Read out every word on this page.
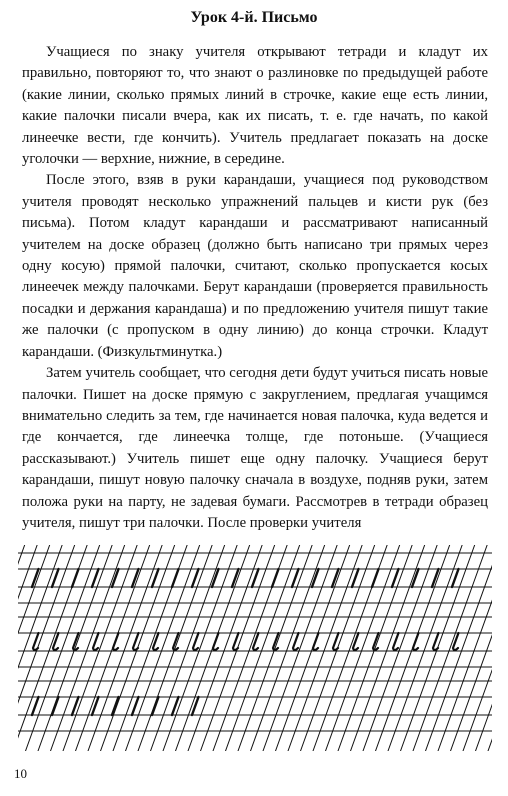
Урок 4-й. Письмо

Учащиеся по знаку учителя открывают тетради и кладут их правильно, повторяют то, что знают о разлиновке по предыдущей работе (какие линии, сколько прямых линий в строчке, какие еще есть линии, какие палочки писали вчера, как их писать, т. е. где начать, по какой линеечке вести, где кончить). Учитель предлагает показать на доске уголочки — верхние, нижние, в середине.

После этого, взяв в руки карандаши, учащиеся под руководством учителя проводят несколько упражнений пальцев и кисти рук (без письма). Потом кладут карандаши и рассматривают написанный учителем на доске образец (должно быть написано три прямых через одну косую) прямой палочки, считают, сколько пропускается косых линеечек между палочками. Берут карандаши (проверяется правильность посадки и держания карандаша) и по предложению учителя пишут такие же палочки (с пропуском в одну линию) до конца строчки. Кладут карандаши. (Физкультминутка.)

Затем учитель сообщает, что сегодня дети будут учиться писать новые палочки. Пишет на доске прямую с закруглением, предлагая учащимся внимательно следить за тем, где начинается новая палочка, куда ведется и где кончается, где линеечка толще, где потоньше. (Учащиеся рассказывают.) Учитель пишет еще одну палочку. Учащиеся берут карандаши, пишут новую палочку сначала в воздухе, подняв руки, затем положа руки на парту, не задевая бумаги. Рассмотрев в тетради образец учителя, пишут три палочки. После проверки учителя

10
